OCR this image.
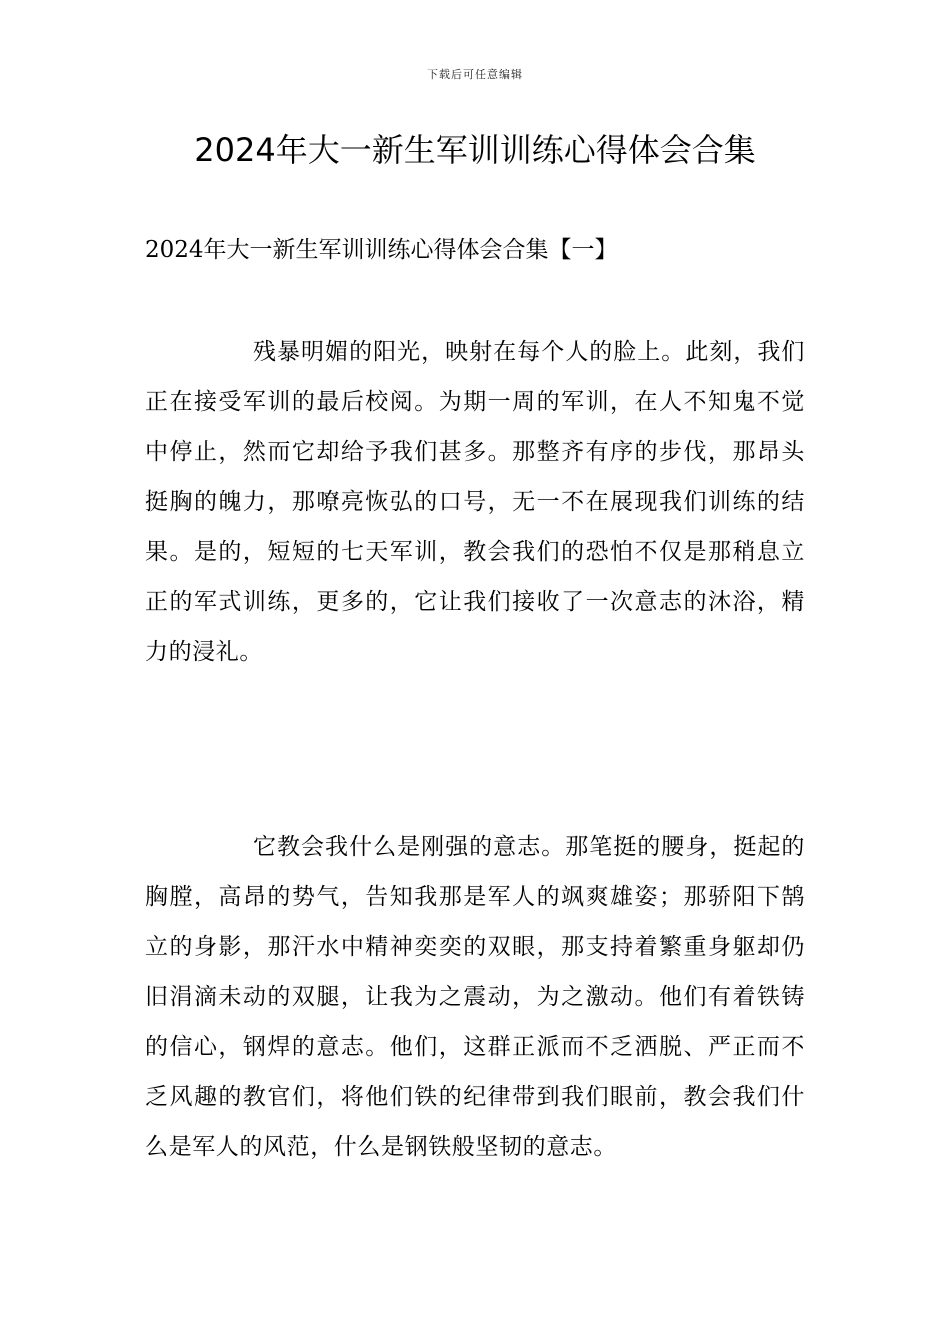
下载后可任意编辑
2024年大一新生军训训练心得体会合集
2024年大一新生军训训练心得体会合集【一】

残暴明媚的阳光，映射在每个人的脸上。此刻，我们正在接受军训的最后校阅。为期一周的军训，在人不知鬼不觉中停止，然而它却给予我们甚多。那整齐有序的步伐，那昂头挺胸的魄力，那嘹亮恢弘的口号，无一不在展现我们训练的结果。是的，短短的七天军训，教会我们的恐怕不仅是那稍息立正的军式训练，更多的，它让我们接收了一次意志的沐浴，精力的浸礼。

它教会我什么是刚强的意志。那笔挺的腰身，挺起的胸膛，高昂的势气，告知我那是军人的飒爽雄姿；那骄阳下鹄立的身影，那汗水中精神奕奕的双眼，那支持着繁重身躯却仍旧涓滴未动的双腿，让我为之震动，为之激动。他们有着铁铸的信心，钢焊的意志。他们，这群正派而不乏洒脱、严正而不乏风趣的教官们，将他们铁的纪律带到我们眼前，教会我们什么是军人的风范，什么是钢铁般坚韧的意志。
